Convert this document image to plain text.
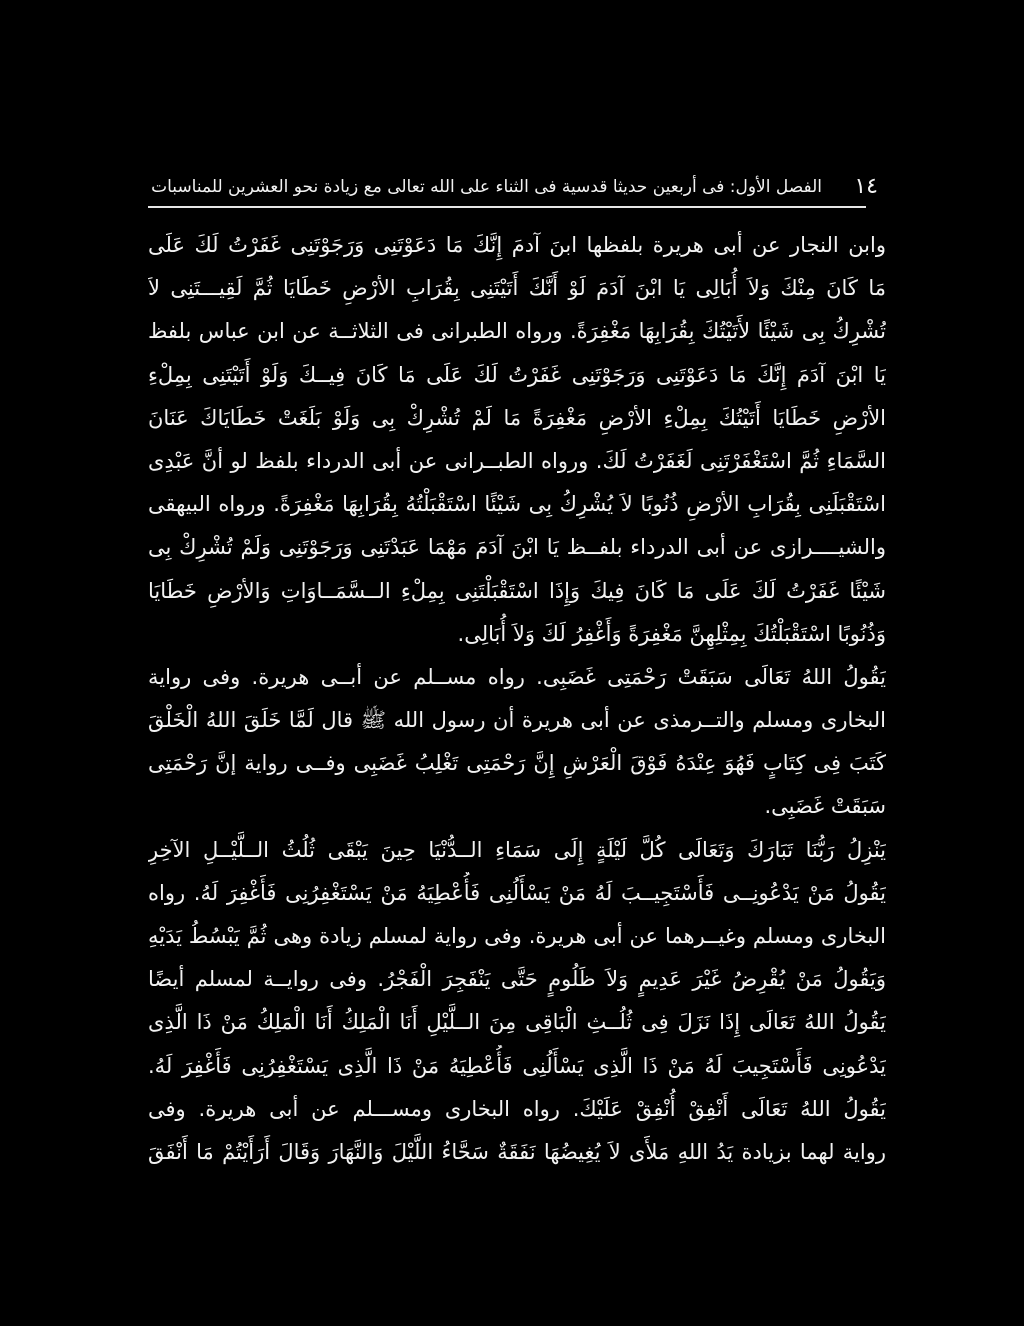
١٤
الفصل الأول: فى أربعين حديثا قدسية فى الثناء على الله تعالى مع زيادة نحو العشرين للمناسبات
وابن النجار عن أبى هريرة بلفظها ابنَ آدمَ إِنَّكَ مَا دَعَوْتَنِى وَرَجَوْتَنِى غَفَرْتُ لَكَ عَلَى
مَا كَانَ مِنْكَ وَلاَ أُبَالِى يَا ابْنَ آدَمَ لَوْ أَنَّكَ أَتَيْتَنِى بِقُرَابِ الأرْضِ خَطَايَا ثُمَّ لَقِيـــتَنِى لاَ
تُشْرِكُ بِى شَيْئًا لأَتَيْتُكَ بِقُرَابِهَا مَغْفِرَةً. ورواه الطبرانى فى الثلاثــة عن ابن عباس بلفظ
يَا ابْنَ آدَمَ إِنَّكَ مَا دَعَوْتَنِى وَرَجَوْتَنِى غَفَرْتُ لَكَ عَلَى مَا كَانَ فِيــكَ وَلَوْ أَتَيْتَنِى بِمِلْءِ
الأرْضِ خَطَايَا أَتَيْتُكَ بِمِلْءِ الأرْضِ مَغْفِرَةً مَا لَمْ تُشْرِكْ بِى وَلَوْ بَلَغَتْ خَطَايَاكَ عَنَانَ
السَّمَاءِ ثُمَّ اسْتَغْفَرْتَنِى لَغَفَرْتُ لَكَ. ورواه الطبــرانى عن أبى الدرداء بلفظ لو أنَّ عَبْدِى
اسْتَقْبَلَنِى بِقُرَابِ الأرْضِ ذُنُوبًا لاَ يُشْرِكُ بِى شَيْئًا اسْتَقْبَلْتُهُ بِقُرَابِهَا مَغْفِرَةً. ورواه البيهقى
والشيــــرازى عن أبى الدرداء بلفــظ يَا ابْنَ آدَمَ مَهْمَا عَبَدْتَنِى وَرَجَوْتَنِى وَلَمْ تُشْرِكْ بِى
شَيْئًا غَفَرْتُ لَكَ عَلَى مَا كَانَ فِيكَ وَإِذَا اسْتَقْبَلْتَنِى بِمِلْءِ الــسَّمَــاوَاتِ وَالأرْضِ خَطَايَا
وَذُنُوبًا اسْتَقْبَلْتُكَ بِمِثْلِهِنَّ مَغْفِرَةً وَأَغْفِرُ لَكَ وَلاَ أُبَالِى.
يَقُولُ اللهُ تَعَالَى سَبَقَتْ رَحْمَتِى غَضَبِى. رواه مســلم عن أبــى هريرة. وفى رواية
البخارى ومسلم والتــرمذى عن أبى هريرة أن رسول الله ﷺ قال لَمَّا خَلَقَ اللهُ الْخَلْقَ
كَتَبَ فِى كِتَابٍ فَهُوَ عِنْدَهُ فَوْقَ الْعَرْشِ إِنَّ رَحْمَتِى تَغْلِبُ غَضَبِى وفــى رواية إنَّ رَحْمَتِى
سَبَقَتْ غَضَبِى.
يَنْزِلُ رَبُّنَا تَبَارَكَ وَتَعَالَى كُلَّ لَيْلَةٍ إِلَى سَمَاءِ الــدُّنْيَا حِينَ يَبْقَى ثُلُثُ الــلَّيْــلِ الآخِرِ
يَقُولُ مَنْ يَدْعُونِــى فَأَسْتَجِيــبَ لَهُ مَنْ يَسْأَلُنِى فَأُعْطِيَهُ مَنْ يَسْتَغْفِرُنِى فَأَغْفِرَ لَهُ. رواه
البخارى ومسلم وغيــرهما عن أبى هريرة. وفى رواية لمسلم زيادة وهى ثُمَّ يَبْسُطُ يَدَيْهِ
وَيَقُولُ مَنْ يُقْرِضُ غَيْرَ عَدِيمٍ وَلاَ ظَلُومٍ حَتَّى يَنْفَجِرَ الْفَجْرُ. وفى روايــة لمسلم أيضًا
يَقُولُ اللهُ تَعَالَى إِذَا نَزَلَ فِى ثُلُــثِ الْبَاقِى مِنَ الــلَّيْلِ أَنَا الْمَلِكُ أَنَا الْمَلِكُ مَنْ ذَا الَّذِى
يَدْعُونِى فَأَسْتَجِيبَ لَهُ مَنْ ذَا الَّذِى يَسْأَلُنِى فَأُعْطِيَهُ مَنْ ذَا الَّذِى يَسْتَغْفِرُنِى فَأَغْفِرَ لَهُ.
يَقُولُ اللهُ تَعَالَى أَنْفِقْ أُنْفِقْ عَلَيْكَ. رواه البخارى ومســـلم عن أبى هريرة. وفى
رواية لهما بزيادة يَدُ اللهِ مَلأَى لاَ يُغِيضُهَا نَفَقَةٌ سَحَّاءُ اللَّيْلَ وَالنَّهَارَ وَقَالَ أَرَأَيْتُمْ مَا أَنْفَقَ
